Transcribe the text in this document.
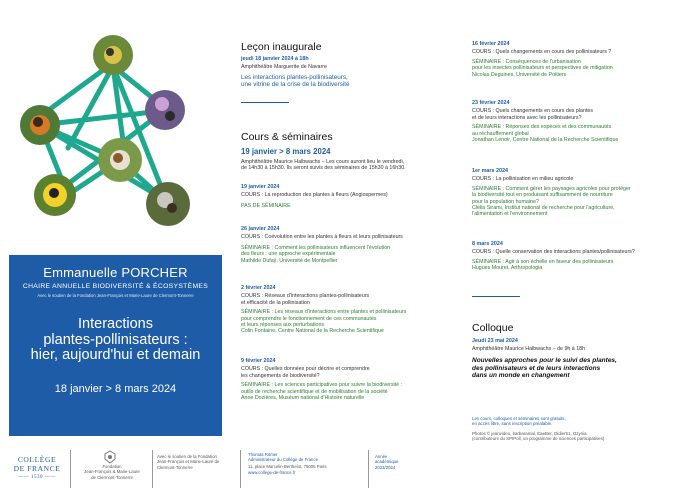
Emmanuelle PORCHER
CHAIRE ANNUELLE BIODIVERSITÉ & ÉCOSYSTÈMES
Avec le soutien de la Fondation Jean-François et Marie-Laure de Clermont-Tonnerre
Interactions
plantes-pollinisateurs :
hier, aujourd'hui et demain
18 janvier > 8 mars 2024
COLLÈGE
DE FRANCE
—— 1530 ——
Fondation
Jean-François & Marie-Laure
de Clermont-Tonnerre
Avec le soutien de la Fondation
Jean-François et Marie-Laure de
Clermont-Tonnerre
Thomas Römer
Administrateur du Collège de France
11, place Marcelin-Berthelot, 75005 Paris
www.college-de-france.fr
Année
académique
2023/2024
Leçon inaugurale
jeudi 18 janvier 2024 à 18h
Amphithéâtre Marguerite de Navarre
Les interactions plantes-pollinisateurs,
une vitrine de la crise de la biodiversité
Cours & séminaires
19 janvier > 8 mars 2024
Amphithéâtre Maurice Halbwachs – Les cours auront lieu le vendredi,
de 14h30 à 15h30. Ils seront suivis des séminaires de 15h30 à 16h30.
19 janvier 2024
COURS : La reproduction des plantes à fleurs (Angiospermes)
PAS DE SÉMINAIRE
26 janvier 2024
COURS : Coévolution entre les plantes à fleurs et leurs pollinisateurs
SÉMINAIRE : Comment les pollinisateurs influencent l'évolution
des fleurs : une approche expérimentale
Mathilde Dufaÿ, Université de Montpellier
2 février 2024
COURS : Réseaux d'interactions plantes-pollinisateurs
et efficacité de la pollinisation
SÉMINAIRE : Les réseaux d'interactions entre plantes et pollinisateurs
pour comprendre le fonctionnement de ces communautés
et leurs réponses aux perturbations
Colin Fontaine, Centre National de la Recherche Scientifique
9 février 2024
COURS : Quelles données pour décrire et comprendre
les changements de biodiversité?
SÉMINAIRE : Les sciences participatives pour suivre la biodiversité :
outils de recherche scientifique et de mobilisation de la société
Anne Dozières, Muséum national d'Histoire naturelle
16 février 2024
COURS : Quels changements en cours des pollinisateurs ?
SÉMINAIRE : Conséquences de l'urbanisation
pour les insectes pollinisateurs et perspectives de mitigation
Nicolas Deguines, Université de Poitiers
23 février 2024
COURS : Quels changements en cours des plantes
et de leurs interactions avec les pollinisateurs?
SÉMINAIRE : Réponses des espèces et des communautés
au réchauffement global
Jonathan Lenoir, Centre National de la Recherche Scientifique
1er mars 2024
COURS : La pollinisation en milieu agricole
SÉMINAIRE : Comment gérer les paysages agricoles pour protéger
la biodiversité tout en produisant suffisamment de nourriture
pour la population humaine?
Clélia Sirami, Institut national de recherche pour l'agriculture,
l'alimentation et l'environnement
8 mars 2024
COURS : Quelle conservation des interactions plantes/pollinisateurs?
SÉMINAIRE : Agir à son échelle en faveur des pollinisateurs
Hugues Mouret, Arthropologia
Colloque
Jeudi 23 mai 2024
Amphithéâtre Maurice Halbwachs – de 9h à 18h
Nouvelles approches pour le suivi des plantes,
des pollinisateurs et de leurs interactions
dans un monde en changement
Les cours, colloques et séminaires sont gratuits,
en accès libre, sans inscription préalable.
Photos © jeanvideo, barbaramal, EaeBer, Didier51, Ozynia
(contributeurs du SPIPoll, un programme de sciences participatives)
